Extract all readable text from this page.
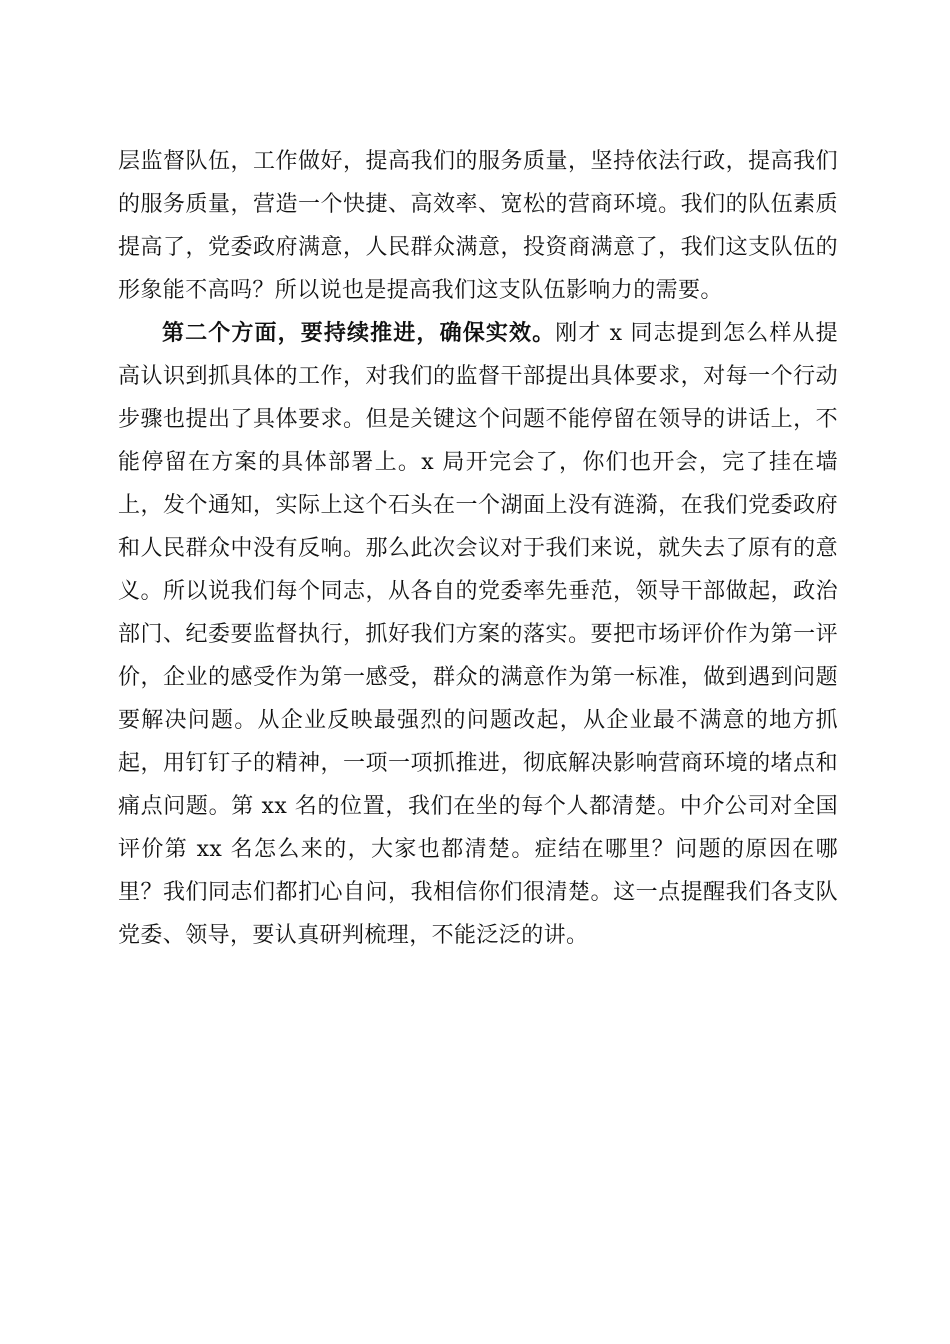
层监督队伍，工作做好，提高我们的服务质量，坚持依法行政，提高我们的服务质量，营造一个快捷、高效率、宽松的营商环境。我们的队伍素质提高了，党委政府满意，人民群众满意，投资商满意了，我们这支队伍的形象能不高吗？所以说也是提高我们这支队伍影响力的需要。

第二个方面，要持续推进，确保实效。刚才 x 同志提到怎么样从提高认识到抓具体的工作，对我们的监督干部提出具体要求，对每一个行动步骤也提出了具体要求。但是关键这个问题不能停留在领导的讲话上，不能停留在方案的具体部署上。x 局开完会了，你们也开会，完了挂在墙上，发个通知，实际上这个石头在一个湖面上没有涟漪，在我们党委政府和人民群众中没有反响。那么此次会议对于我们来说，就失去了原有的意义。所以说我们每个同志，从各自的党委率先垂范，领导干部做起，政治部门、纪委要监督执行，抓好我们方案的落实。要把市场评价作为第一评价，企业的感受作为第一感受，群众的满意作为第一标准，做到遇到问题要解决问题。从企业反映最强烈的问题改起，从企业最不满意的地方抓起，用钉钉子的精神，一项一项抓推进，彻底解决影响营商环境的堵点和痛点问题。第 xx 名的位置，我们在坐的每个人都清楚。中介公司对全国评价第 xx 名怎么来的，大家也都清楚。症结在哪里？问题的原因在哪里？我们同志们都扪心自问，我相信你们很清楚。这一点提醒我们各支队党委、领导，要认真研判梳理，不能泛泛的讲。
